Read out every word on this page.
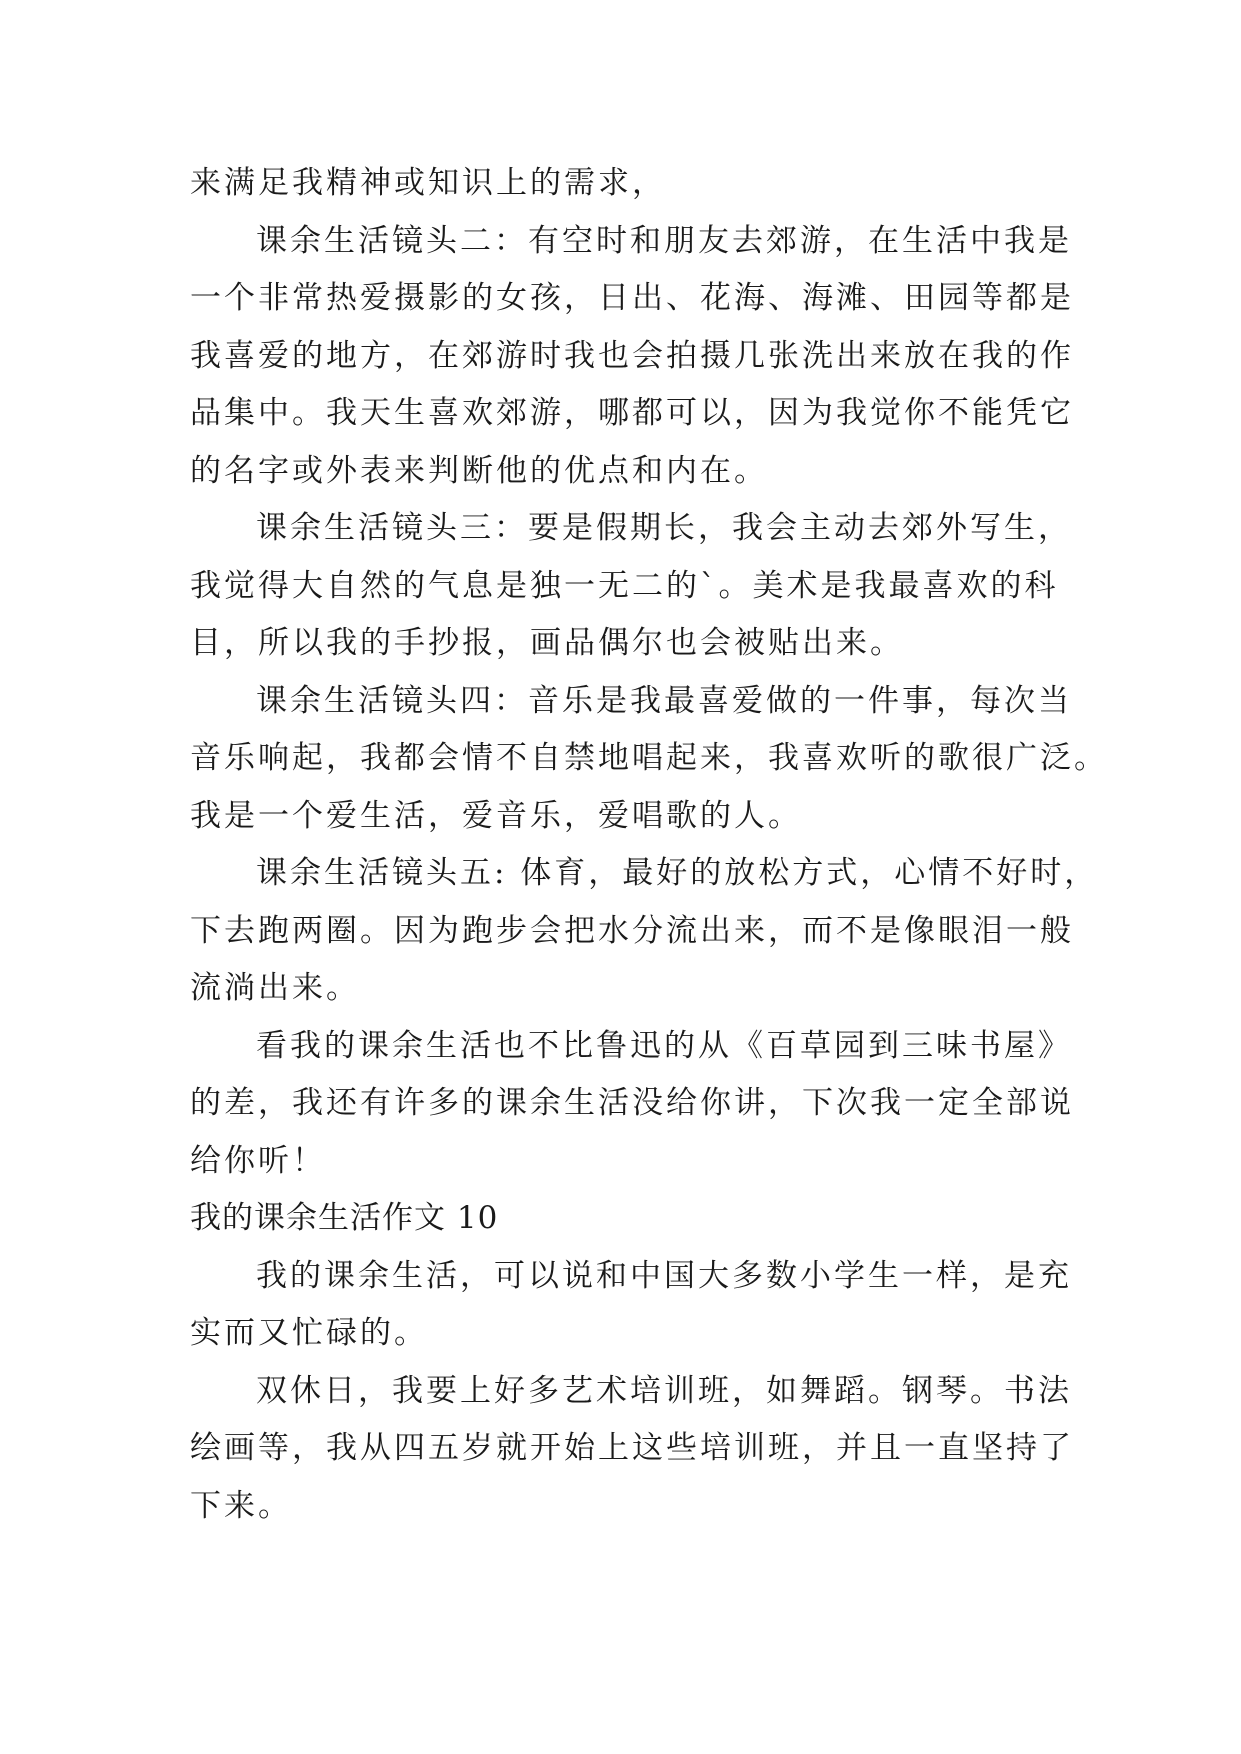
来满足我精神或知识上的需求，
课余生活镜头二：有空时和朋友去郊游，在生活中我是
一个非常热爱摄影的女孩，日出、花海、海滩、田园等都是
我喜爱的地方，在郊游时我也会拍摄几张洗出来放在我的作
品集中。我天生喜欢郊游，哪都可以，因为我觉你不能凭它
的名字或外表来判断他的优点和内在。
课余生活镜头三：要是假期长，我会主动去郊外写生，
我觉得大自然的气息是独一无二的`。美术是我最喜欢的科
目，所以我的手抄报，画品偶尔也会被贴出来。
课余生活镜头四：音乐是我最喜爱做的一件事，每次当
音乐响起，我都会情不自禁地唱起来，我喜欢听的歌很广泛。
我是一个爱生活，爱音乐，爱唱歌的人。
课余生活镜头五: 体育，最好的放松方式，心情不好时，
下去跑两圈。因为跑步会把水分流出来，而不是像眼泪一般
流淌出来。
看我的课余生活也不比鲁迅的从《百草园到三味书屋》
的差，我还有许多的课余生活没给你讲，下次我一定全部说
给你听！
我的课余生活作文 10
我的课余生活，可以说和中国大多数小学生一样，是充
实而又忙碌的。
双休日，我要上好多艺术培训班，如舞蹈。钢琴。书法
绘画等，我从四五岁就开始上这些培训班，并且一直坚持了
下来。
